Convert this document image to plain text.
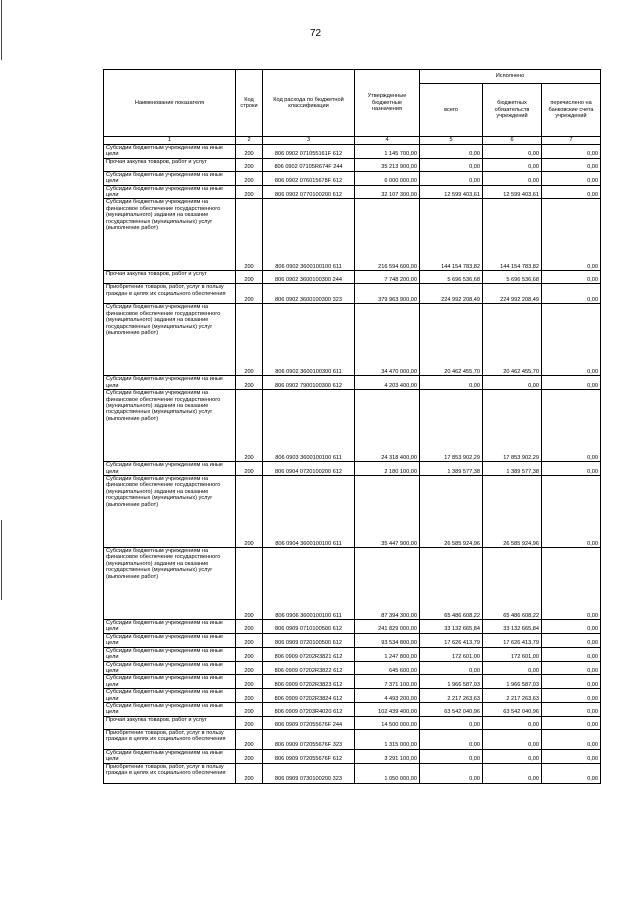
72
Наименование показателя	Код строки	Код расхода по бюджетной классификации	Утвержденные бюджетные назначения	Исполнено		
				всего	бюджетных обязательств учреждений	перечислено на банковские счета учреждений
1	2	3	4	5	6	7
Субсидии бюджетным учреждениям на иные цели	200	806 0902 071055161F 612	1 145 700,00	0,00	0,00	0,00
Прочая закупка товаров, работ и услуг	200	806 0902 07105R674F 244	35 213 900,00	0,00	0,00	0,00
Субсидии бюджетным учреждениям на иные цели	200	806 0902 076015678F 612	6 000 000,00	0,00	0,00	0,00
Субсидии бюджетным учреждениям на иные цели	200	806 0902 0770100200 612	32 107 300,00	12 599 403,61	12 599 403,61	0,00
Субсидии бюджетным учреждениям на финансовое обеспечение государственного (муниципального) задания на оказание государственных (муниципальных) услуг (выполнение работ)	200	806 0902 3600100100 611	216 594 600,00	144 154 783,82	144 154 783,82	0,00
Прочая закупка товаров, работ и услуг	200	806 0902 3600100300 244	7 748 200,00	5 696 536,68	5 696 536,68	0,00
Приобретение товаров, работ, услуг в пользу граждан в целях их социального обеспечения	200	806 0902 3600100300 323	379 963 900,00	224 992 208,49	224 992 208,49	0,00
Субсидии бюджетным учреждениям на финансовое обеспечение государственного (муниципального) задания на оказание государственных (муниципальных) услуг (выполнение работ)	200	806 0902 3600100300 611	34 470 000,00	20 462 455,70	20 462 455,70	0,00
Субсидии бюджетным учреждениям на иные цели	200	806 0902 7900100300 612	4 203 400,00	0,00	0,00	0,00
Субсидии бюджетным учреждениям на финансовое обеспечение государственного (муниципального) задания на оказание государственных (муниципальных) услуг (выполнение работ)	200	806 0903 3600100100 611	24 318 400,00	17 853 902,29	17 853 902,29	0,00
Субсидии бюджетным учреждениям на иные цели	200	806 0904 0720100200 612	2 180 100,00	1 389 577,38	1 389 577,38	0,00
Субсидии бюджетным учреждениям на финансовое обеспечение государственного (муниципального) задания на оказание государственных (муниципальных) услуг (выполнение работ)	200	806 0904 3600100100 611	35 447 900,00	26 585 924,96	26 585 924,96	0,00
Субсидии бюджетным учреждениям на финансовое обеспечение государственного (муниципального) задания на оказание государственных (муниципальных) услуг (выполнение работ)	200	806 0906 3600100100 611	87 394 300,00	65 486 608,22	65 486 608,22	0,00
Субсидии бюджетным учреждениям на иные цели	200	806 0909 0710100500 612	241 829 000,00	33 132 665,84	33 132 665,84	0,00
Субсидии бюджетным учреждениям на иные цели	200	806 0909 0720100500 612	93 534 800,00	17 626 413,79	17 626 413,79	0,00
Субсидии бюджетным учреждениям на иные цели	200	806 0909 07202R3821 612	1 247 800,00	172 601,00	172 601,00	0,00
Субсидии бюджетным учреждениям на иные цели	200	806 0909 07202R3822 612	645 600,00	0,00	0,00	0,00
Субсидии бюджетным учреждениям на иные цели	200	806 0909 07202R3823 612	7 371 100,00	1 966 587,03	1 966 587,03	0,00
Субсидии бюджетным учреждениям на иные цели	200	806 0909 07202R3824 612	4 493 200,00	2 217 263,63	2 217 263,63	0,00
Субсидии бюджетным учреждениям на иные цели	200	806 0909 07203R4020 612	102 439 400,00	63 542 040,96	63 542 040,96	0,00
Прочая закупка товаров, работ и услуг	200	806 0909 072055676F 244	14 500 000,00	0,00	0,00	0,00
Приобретение товаров, работ, услуг в пользу граждан в целях их социального обеспечения	200	806 0909 072055676F 323	1 315 000,00	0,00	0,00	0,00
Субсидии бюджетным учреждениям на иные цели	200	806 0909 072055676F 612	3 291 100,00	0,00	0,00	0,00
Приобретение товаров, работ, услуг в пользу граждан в целях их социального обеспечения	200	806 0909 0730100200 323	1 050 000,00	0,00	0,00	0,00
